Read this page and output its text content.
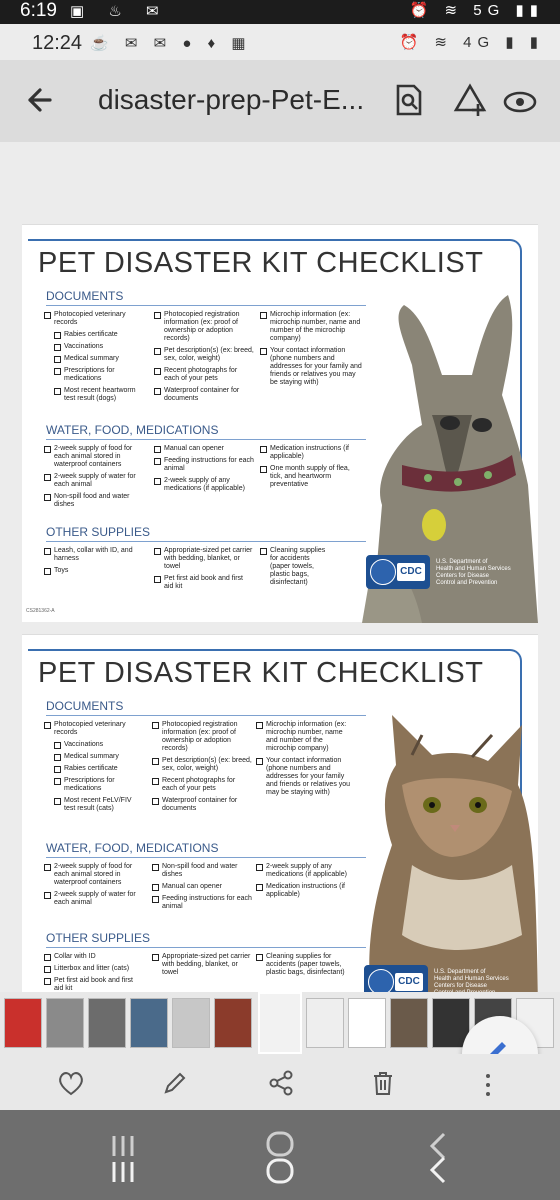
6:19 ▣ ♨ ✉	⏰ ≋ 5G ▮▮
12:24 ☕ ✉ ✉ ● ♦ ▦	⏰ ≋ 4G ▮ ▮
disaster-prep-Pet-E...
PET DISASTER KIT CHECKLIST
DOCUMENTS
Photocopied veterinary records
Rabies certificate
Vaccinations
Medical summary
Prescriptions for medications
Most recent heartworm test result (dogs)
Photocopied registration information (ex: proof of ownership or adoption records)
Pet description(s) (ex: breed, sex, color, weight)
Recent photographs for each of your pets
Waterproof container for documents
Microchip information (ex: microchip number, name and number of the microchip company)
Your contact information (phone numbers and addresses for your family and friends or relatives you may be staying with)
WATER, FOOD, MEDICATIONS
2-week supply of food for each animal stored in waterproof containers
2-week supply of water for each animal
Non-spill food and water dishes
Manual can opener
Feeding instructions for each animal
2-week supply of any medications (if applicable)
Medication instructions (if applicable)
One month supply of flea, tick, and heartworm preventative
OTHER SUPPLIES
Leash, collar with ID, and harness
Toys
Appropriate-sized pet carrier with bedding, blanket, or towel
Pet first aid book and first aid kit
Cleaning supplies for accidents (paper towels, plastic bags, disinfectant)
CDC
U.S. Department of
Health and Human Services
Centers for Disease
Control and Prevention
CS281362-A
PET DISASTER KIT CHECKLIST
DOCUMENTS
Photocopied veterinary records
Vaccinations
Medical summary
Rabies certificate
Prescriptions for medications
Most recent FeLV/FIV test result (cats)
Photocopied registration information (ex: proof of ownership or adoption records)
Pet description(s) (ex: breed, sex, color, weight)
Recent photographs for each of your pets
Waterproof container for documents
Microchip information (ex: microchip number, name and number of the microchip company)
Your contact information (phone numbers and addresses for your family and friends or relatives you may be staying with)
WATER, FOOD, MEDICATIONS
2-week supply of food for each animal stored in waterproof containers
2-week supply of water for each animal
Non-spill food and water dishes
Manual can opener
Feeding instructions for each animal
2-week supply of any medications (if applicable)
Medication instructions (if applicable)
OTHER SUPPLIES
Collar with ID
Litterbox and litter (cats)
Pet first aid book and first aid kit
Appropriate-sized pet carrier with bedding, blanket, or towel
Cleaning supplies for accidents (paper towels, plastic bags, disinfectant)
CDC
U.S. Department of
Health and Human Services
Centers for Disease
